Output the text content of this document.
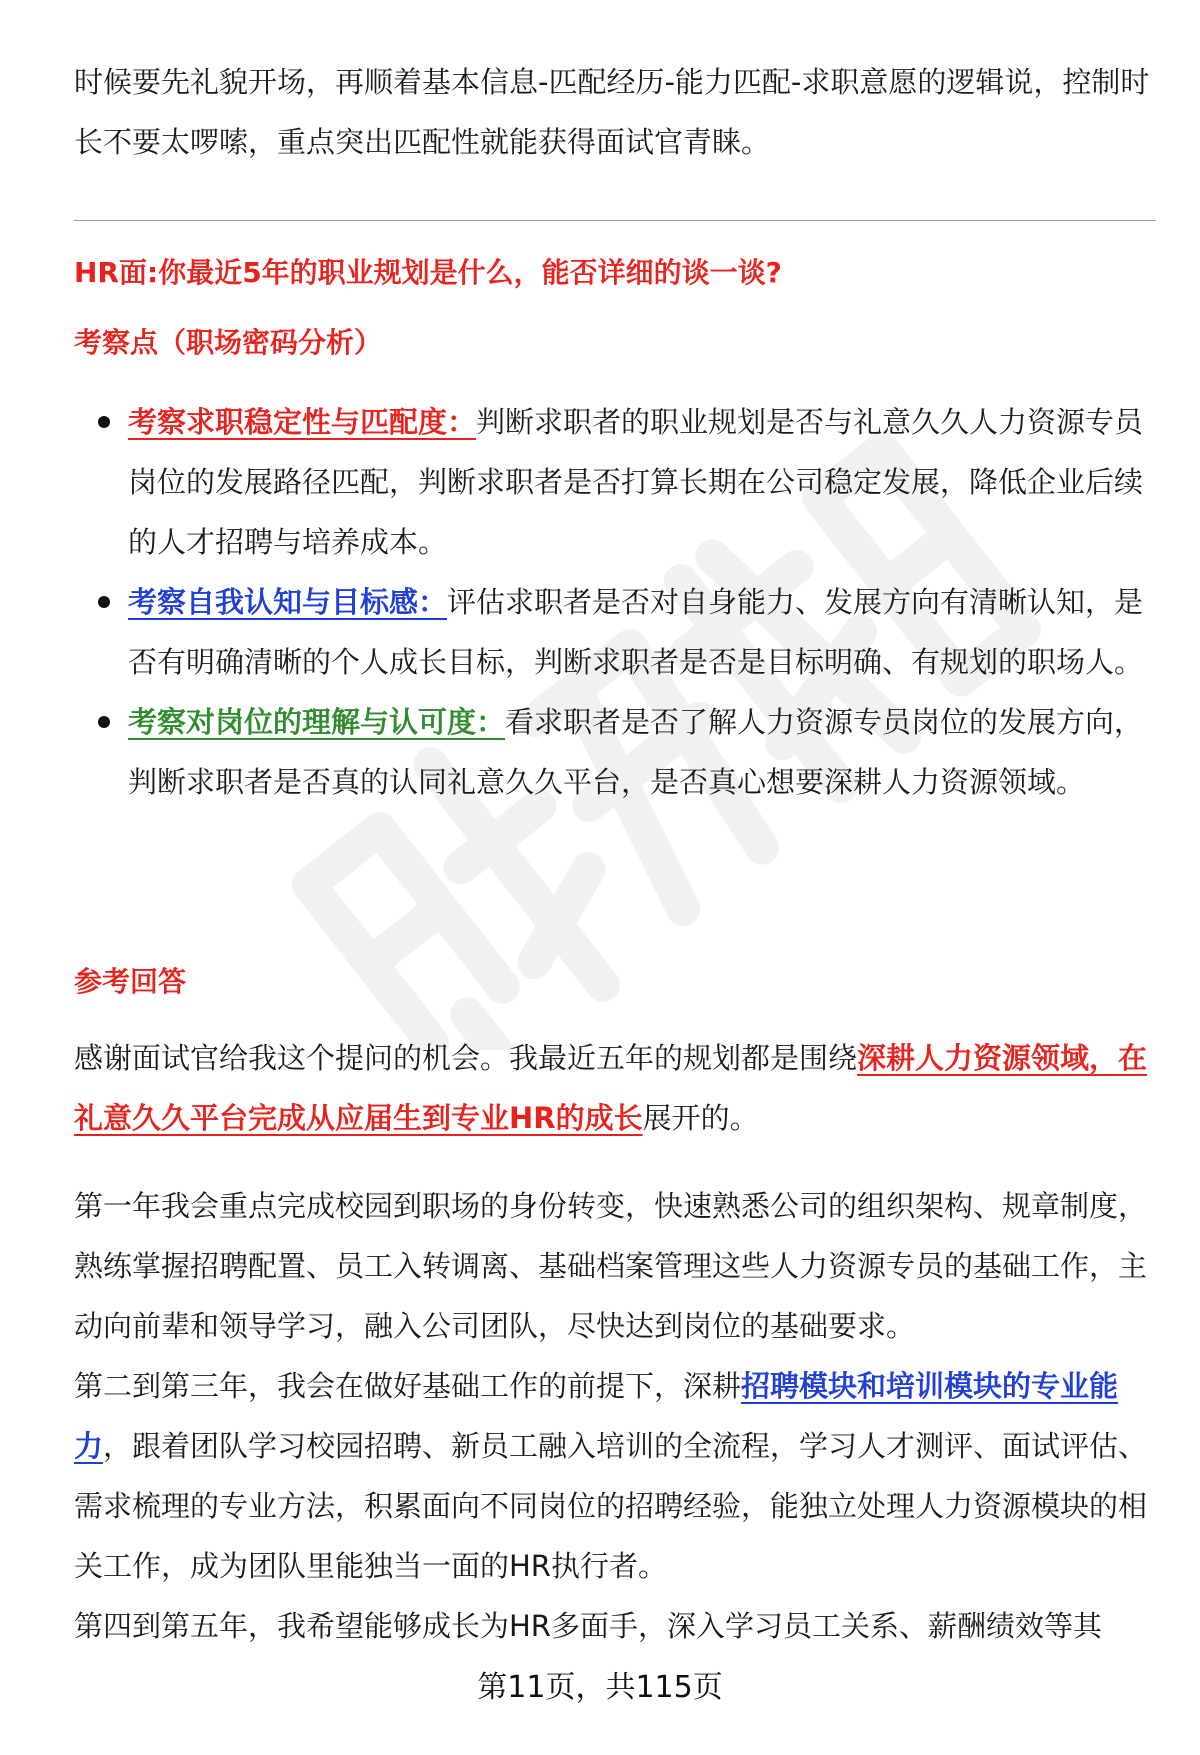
时候要先礼貌开场，再顺着基本信息-匹配经历-能力匹配-求职意愿的逻辑说，控制时长不要太啰嗦，重点突出匹配性就能获得面试官青睐。

HR面:你最近5年的职业规划是什么，能否详细的谈一谈?
考察点（职场密码分析）
考察求职稳定性与匹配度：判断求职者的职业规划是否与礼意久久人力资源专员岗位的发展路径匹配，判断求职者是否打算长期在公司稳定发展，降低企业后续的人才招聘与培养成本。
考察自我认知与目标感：评估求职者是否对自身能力、发展方向有清晰认知，是否有明确清晰的个人成长目标，判断求职者是否是目标明确、有规划的职场人。
考察对岗位的理解与认可度：看求职者是否了解人力资源专员岗位的发展方向，判断求职者是否真的认同礼意久久平台，是否真心想要深耕人力资源领域。
参考回答

感谢面试官给我这个提问的机会。我最近五年的规划都是围绕深耕人力资源领域，在礼意久久平台完成从应届生到专业HR的成长展开的。

第一年我会重点完成校园到职场的身份转变，快速熟悉公司的组织架构、规章制度，熟练掌握招聘配置、员工入转调离、基础档案管理这些人力资源专员的基础工作，主动向前辈和领导学习，融入公司团队，尽快达到岗位的基础要求。

第二到第三年，我会在做好基础工作的前提下，深耕招聘模块和培训模块的专业能力，跟着团队学习校园招聘、新员工融入培训的全流程，学习人才测评、面试评估、需求梳理的专业方法，积累面向不同岗位的招聘经验，能独立处理人力资源模块的相关工作，成为团队里能独当一面的HR执行者。

第四到第五年，我希望能够成长为HR多面手，深入学习员工关系、薪酬绩效等其

第11页，共115页
